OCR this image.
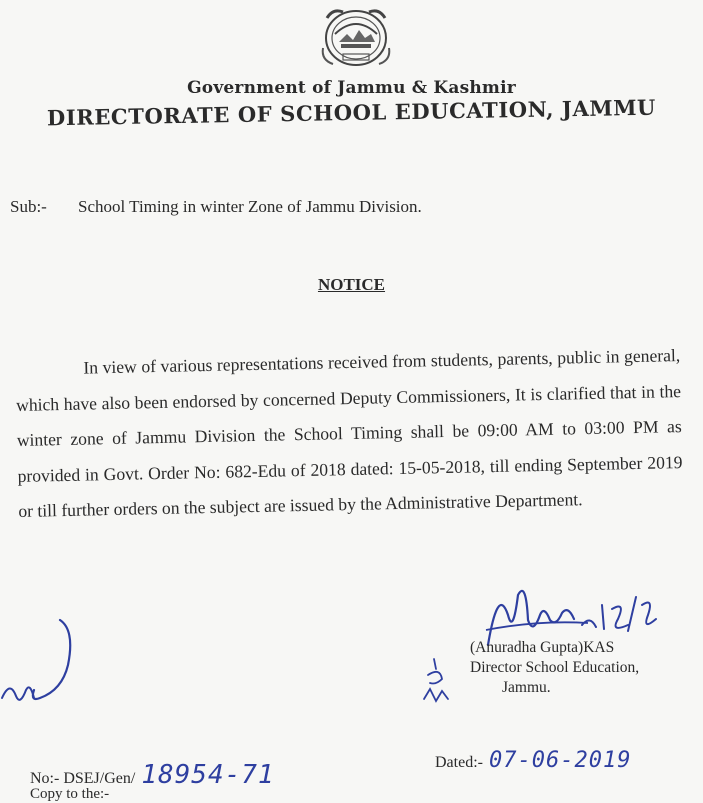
Government of Jammu & Kashmir
DIRECTORATE OF SCHOOL EDUCATION, JAMMU
Sub:- School Timing in winter Zone of Jammu Division.
NOTICE
In view of various representations received from students, parents, public in general, which have also been endorsed by concerned Deputy Commissioners, It is clarified that in the winter zone of Jammu Division the School Timing shall be 09:00 AM to 03:00 PM as provided in Govt. Order No: 682-Edu of 2018 dated: 15-05-2018, till ending September 2019 or till further orders on the subject are issued by the Administrative Department.
(Anuradha Gupta)KAS
Director School Education,
Jammu.
No:- DSEJ/Gen/ 18954-71	Dated:- 07-06-2019
Copy to the:-
